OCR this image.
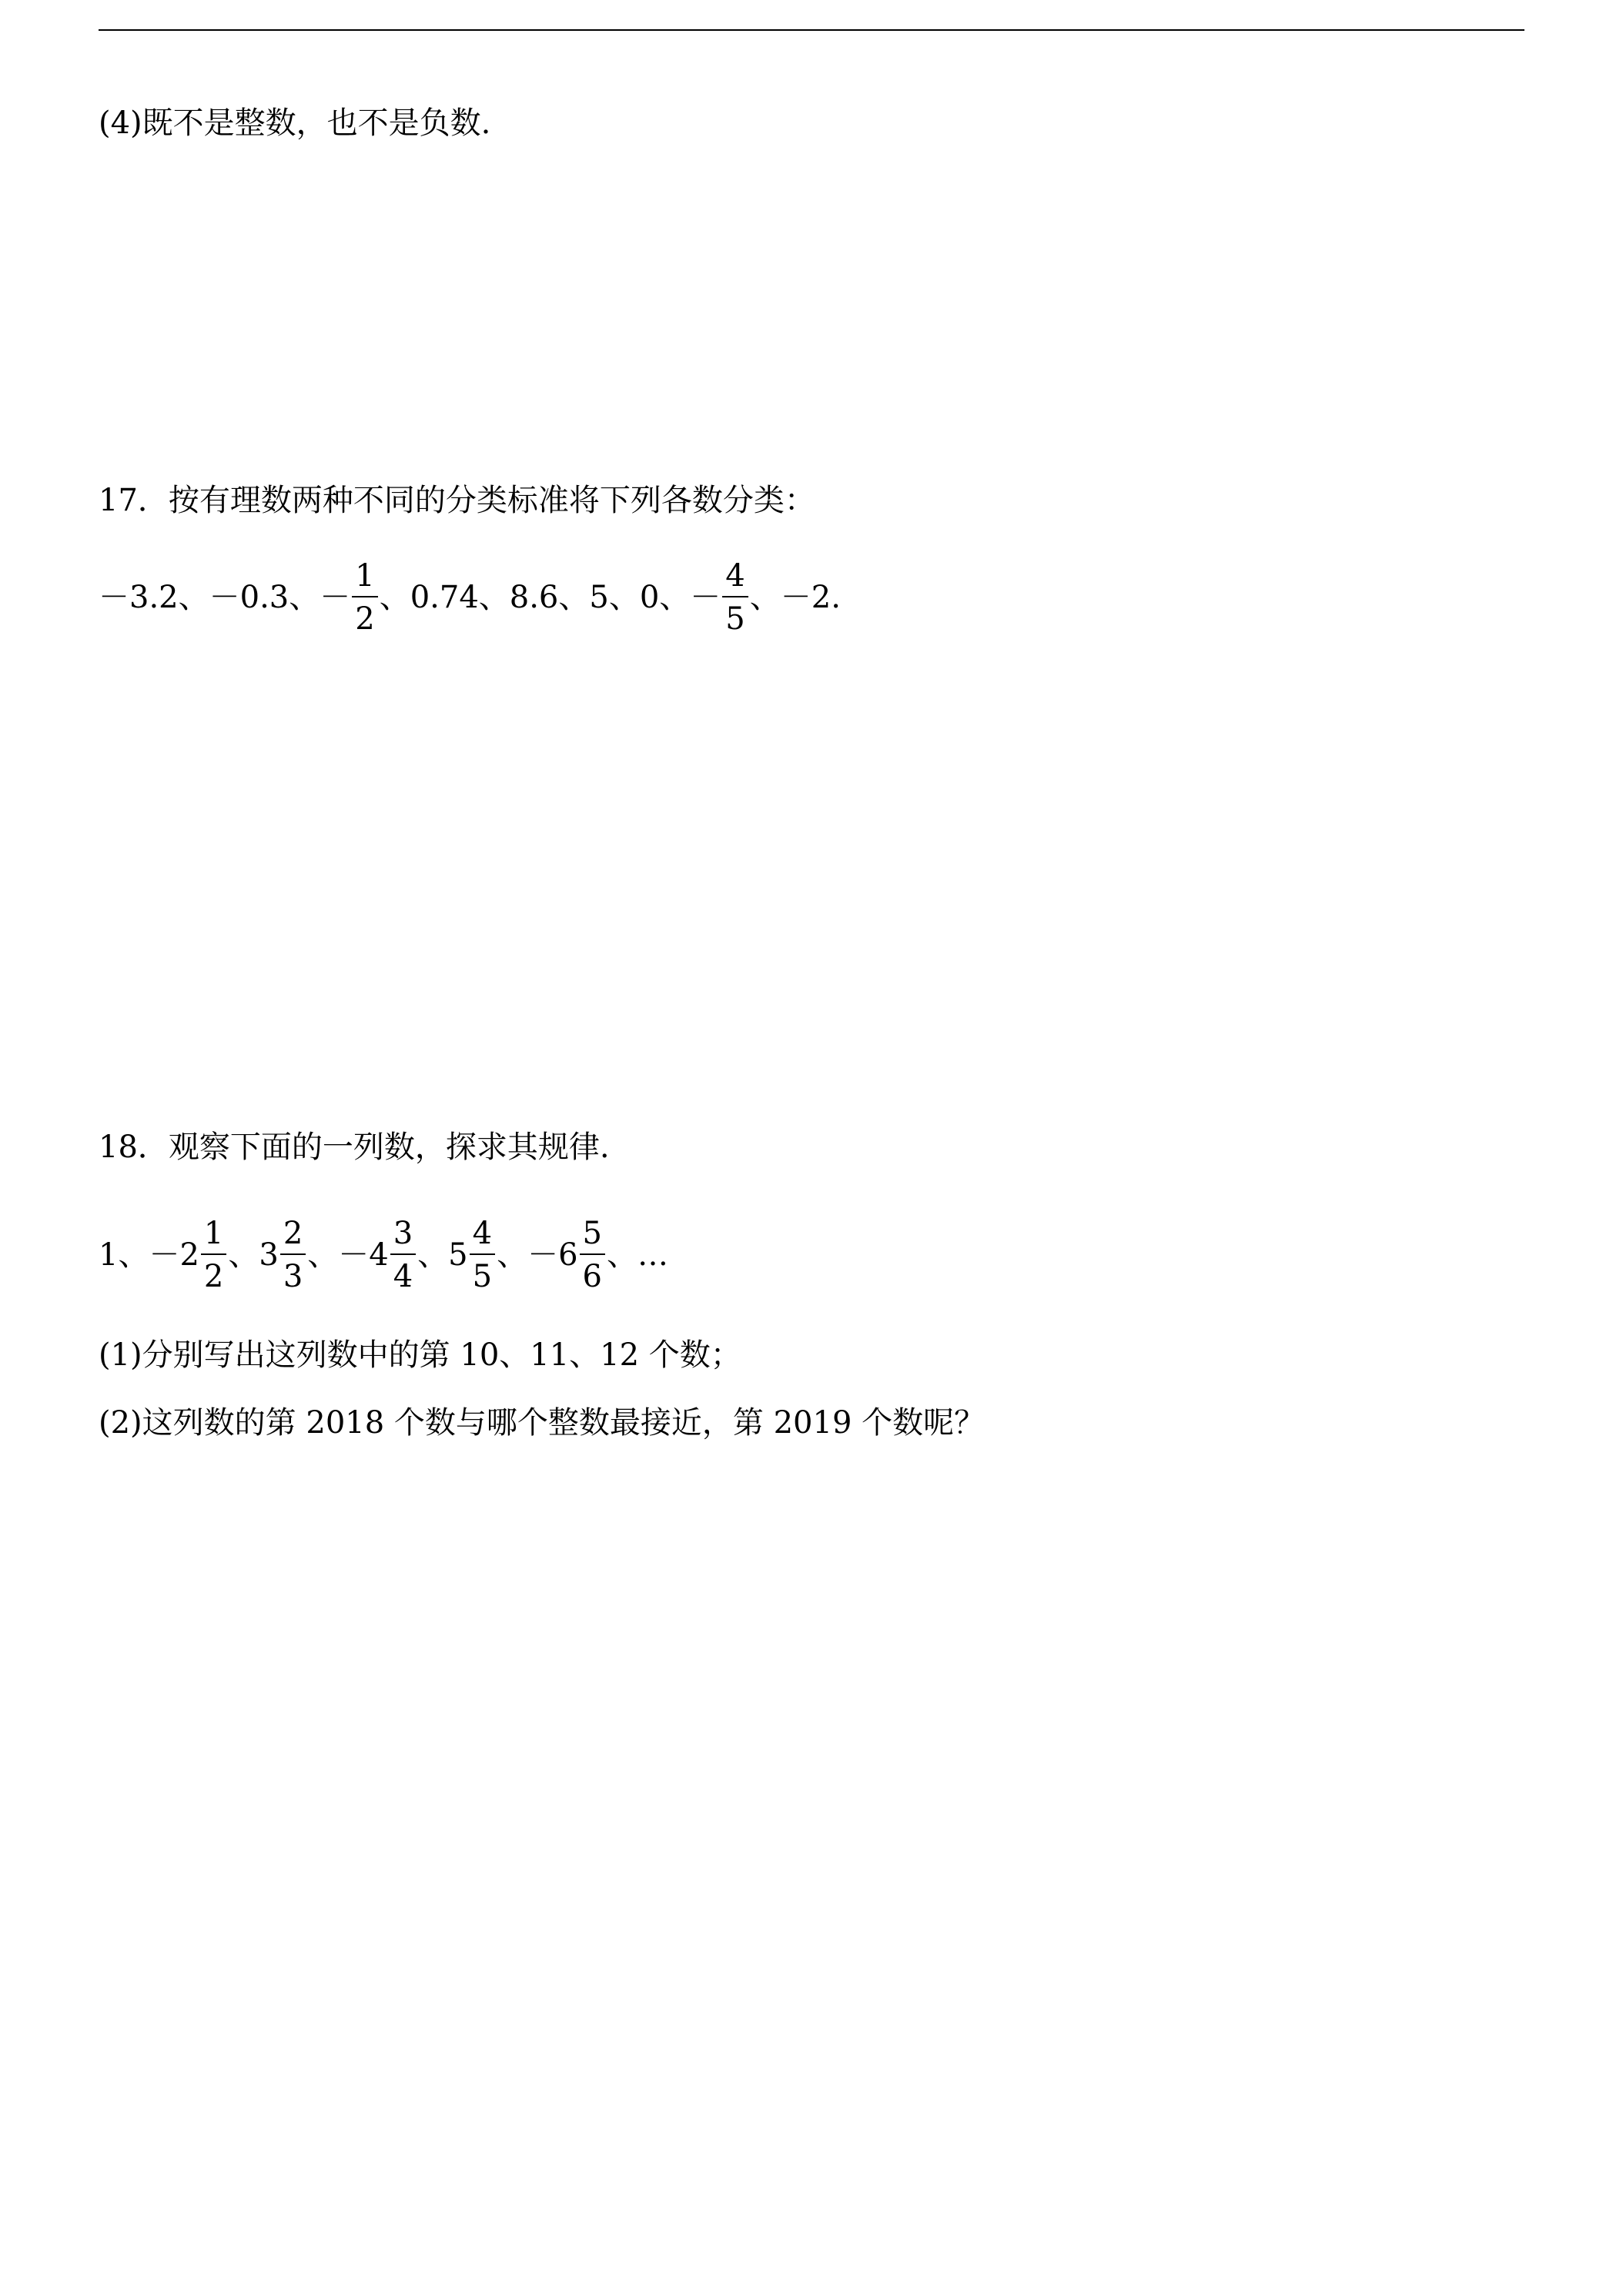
(4)既不是整数，也不是负数.
17．按有理数两种不同的分类标准将下列各数分类：
－3.2 、 －0.3 、 － $\frac{1}{2}$ 、 0.74 、 8.6 、 5 、 0 、 － $\frac{4}{5}$ 、 －2 .
18．观察下面的一列数，探求其规律.
1 、 － $2 \frac{1}{2}$ 、 $3 \frac{2}{3}$ 、 － $4 \frac{3}{4}$ 、 $5 \frac{4}{5}$ 、 － $6 \frac{5}{6}$ 、 …
(1)分别写出这列数中的第 10、11、12 个数；
(2)这列数的第 2018 个数与哪个整数最接近，第 2019 个数呢？
